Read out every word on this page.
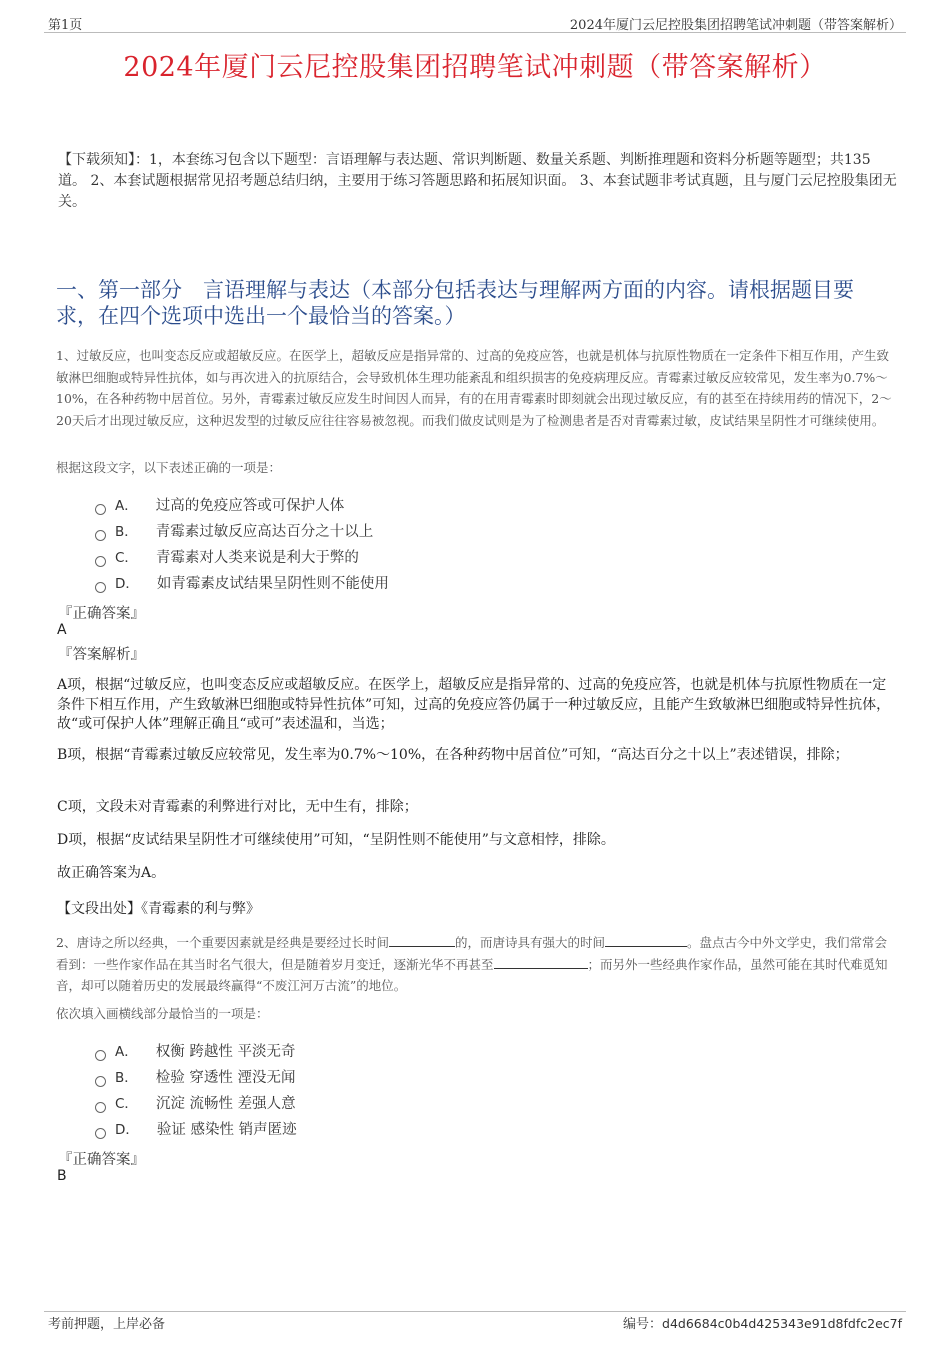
第1页	2024年厦门云尼控股集团招聘笔试冲刺题（带答案解析）
2024年厦门云尼控股集团招聘笔试冲刺题（带答案解析）
【下载须知】：1，本套练习包含以下题型：言语理解与表达题、常识判断题、数量关系题、判断推理题和资料分析题等题型；共135道。 2、本套试题根据常见招考题总结归纳，主要用于练习答题思路和拓展知识面。 3、本套试题非考试真题，且与厦门云尼控股集团无关。
一、第一部分　言语理解与表达（本部分包括表达与理解两方面的内容。请根据题目要求，在四个选项中选出一个最恰当的答案。）
1、过敏反应，也叫变态反应或超敏反应。在医学上，超敏反应是指异常的、过高的免疫应答，也就是机体与抗原性物质在一定条件下相互作用，产生致敏淋巴细胞或特异性抗体，如与再次进入的抗原结合，会导致机体生理功能紊乱和组织损害的免疫病理反应。青霉素过敏反应较常见，发生率为0.7%～10%，在各种药物中居首位。另外，青霉素过敏反应发生时间因人而异，有的在用青霉素时即刻就会出现过敏反应，有的甚至在持续用药的情况下，2～20天后才出现过敏反应，这种迟发型的过敏反应往往容易被忽视。而我们做皮试则是为了检测患者是否对青霉素过敏，皮试结果呈阴性才可继续使用。
根据这段文字，以下表述正确的一项是：
A． 过高的免疫应答或可保护人体
B． 青霉素过敏反应高达百分之十以上
C． 青霉素对人类来说是利大于弊的
D． 如青霉素皮试结果呈阴性则不能使用
『正确答案』
A
『答案解析』
A项，根据“过敏反应，也叫变态反应或超敏反应。在医学上，超敏反应是指异常的、过高的免疫应答，也就是机体与抗原性物质在一定条件下相互作用，产生致敏淋巴细胞或特异性抗体”可知，过高的免疫应答仍属于一种过敏反应，且能产生致敏淋巴细胞或特异性抗体，故“或可保护人体”理解正确且“或可”表述温和，当选；
B项，根据“青霉素过敏反应较常见，发生率为0.7%～10%，在各种药物中居首位”可知，“高达百分之十以上”表述错误，排除；
C项，文段未对青霉素的利弊进行对比，无中生有，排除；
D项，根据“皮试结果呈阴性才可继续使用”可知，“呈阴性则不能使用”与文意相悖，排除。
故正确答案为A。
【文段出处】《青霉素的利与弊》
2、唐诗之所以经典，一个重要因素就是经典是要经过长时间	的，而唐诗具有强大的时间	。盘点古今中外文学史，我们常常会看到：一些作家作品在其当时名气很大，但是随着岁月变迁，逐渐光华不再甚至	；而另外一些经典作家作品，虽然可能在其时代难觅知音，却可以随着历史的发展最终赢得“不废江河万古流”的地位。
依次填入画横线部分最恰当的一项是：
A． 权衡 跨越性 平淡无奇
B． 检验 穿透性 湮没无闻
C． 沉淀 流畅性 差强人意
D． 验证 感染性 销声匿迹
『正确答案』
B
考前押题，上岸必备	编号：d4d6684c0b4d425343e91d8fdfc2ec7f
